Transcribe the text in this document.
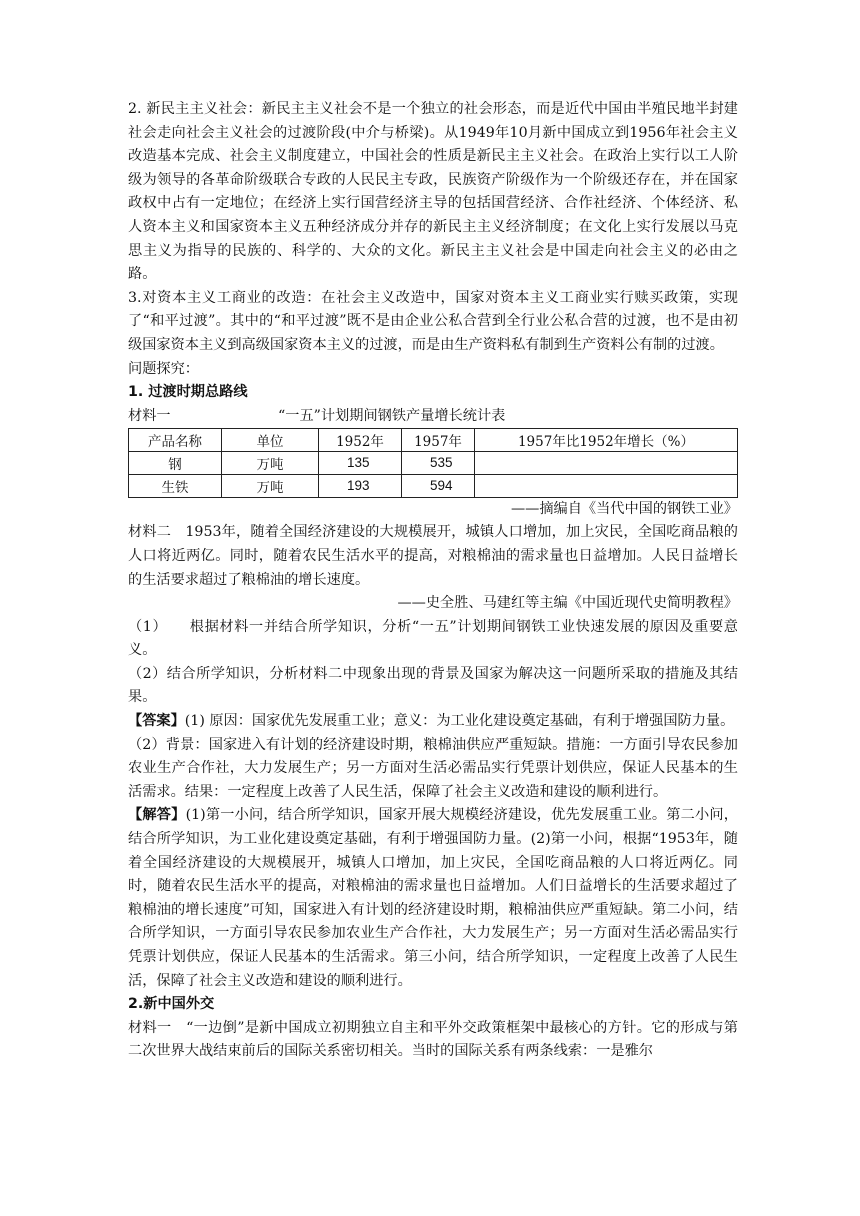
2. 新民主主义社会：新民主主义社会不是一个独立的社会形态，而是近代中国由半殖民地半封建社会走向社会主义社会的过渡阶段(中介与桥梁)。从1949年10月新中国成立到1956年社会主义改造基本完成、社会主义制度建立，中国社会的性质是新民主主义社会。在政治上实行以工人阶级为领导的各革命阶级联合专政的人民民主专政，民族资产阶级作为一个阶级还存在，并在国家政权中占有一定地位；在经济上实行国营经济主导的包括国营经济、合作社经济、个体经济、私人资本主义和国家资本主义五种经济成分并存的新民主主义经济制度；在文化上实行发展以马克思主义为指导的民族的、科学的、大众的文化。新民主主义社会是中国走向社会主义的必由之路。

3.对资本主义工商业的改造：在社会主义改造中，国家对资本主义工商业实行赎买政策，实现了“和平过渡”。其中的“和平过渡”既不是由企业公私合营到全行业公私合营的过渡，也不是由初级国家资本主义到高级国家资本主义的过渡，而是由生产资料私有制到生产资料公有制的过渡。

问题探究：

1. 过渡时期总路线

材料一	“一五”计划期间钢铁产量增长统计表
产品名称	单位	1952年	1957年	1957年比1952年增长（%）
钢	万吨	135	535	
生铁	万吨	193	594	

——摘编自《当代中国的钢铁工业》

材料二　1953年，随着全国经济建设的大规模展开，城镇人口增加，加上灾民，全国吃商品粮的人口将近两亿。同时，随着农民生活水平的提高，对粮棉油的需求量也日益增加。人民日益增长的生活要求超过了粮棉油的增长速度。

——史全胜、马建红等主编《中国近现代史简明教程》

（1）　　根据材料一并结合所学知识，分析“一五”计划期间钢铁工业快速发展的原因及重要意义。

（2）结合所学知识，分析材料二中现象出现的背景及国家为解决这一问题所采取的措施及其结果。

【答案】(1) 原因：国家优先发展重工业；意义：为工业化建设奠定基础，有利于增强国防力量。

（2）背景：国家进入有计划的经济建设时期，粮棉油供应严重短缺。措施：一方面引导农民参加农业生产合作社，大力发展生产；另一方面对生活必需品实行凭票计划供应，保证人民基本的生活需求。结果：一定程度上改善了人民生活，保障了社会主义改造和建设的顺利进行。

【解答】(1)第一小问，结合所学知识，国家开展大规模经济建设，优先发展重工业。第二小问，结合所学知识，为工业化建设奠定基础，有利于增强国防力量。(2)第一小问，根据“1953年，随着全国经济建设的大规模展开，城镇人口增加，加上灾民，全国吃商品粮的人口将近两亿。同时，随着农民生活水平的提高，对粮棉油的需求量也日益增加。人们日益增长的生活要求超过了粮棉油的增长速度”可知，国家进入有计划的经济建设时期，粮棉油供应严重短缺。第二小问，结合所学知识，一方面引导农民参加农业生产合作社，大力发展生产；另一方面对生活必需品实行凭票计划供应，保证人民基本的生活需求。第三小问，结合所学知识，一定程度上改善了人民生活，保障了社会主义改造和建设的顺利进行。

2.新中国外交

材料一　“一边倒”是新中国成立初期独立自主和平外交政策框架中最核心的方针。它的形成与第二次世界大战结束前后的国际关系密切相关。当时的国际关系有两条线索：一是雅尔
